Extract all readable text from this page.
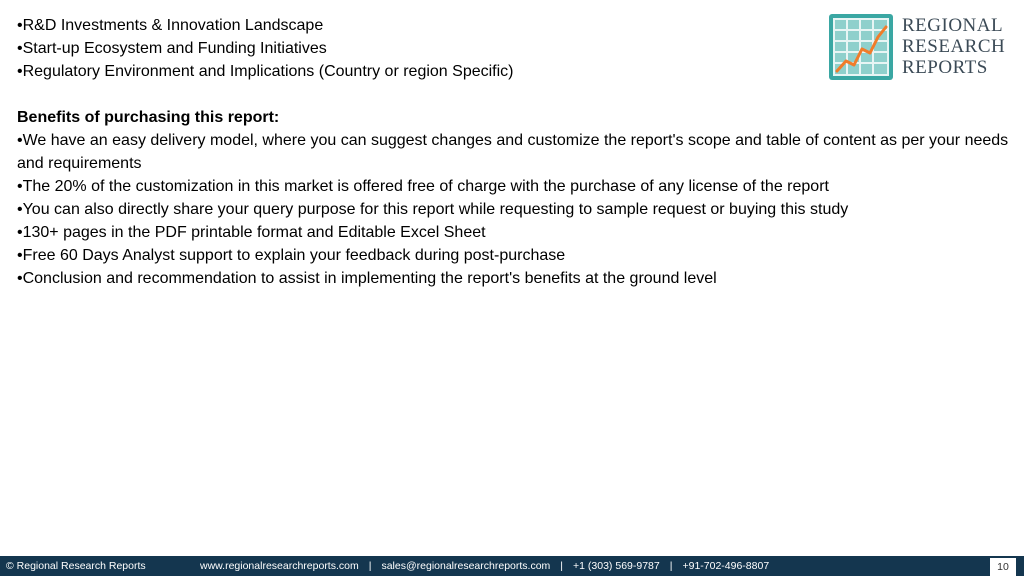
•R&D Investments & Innovation Landscape

•Start-up Ecosystem and Funding Initiatives

•Regulatory Environment and Implications (Country or region Specific)

Benefits of purchasing this report:

•We have an easy delivery model, where you can suggest changes and customize the report's scope and table of content as per your needs and requirements

•The 20% of the customization in this market is offered free of charge with the purchase of any license of the report

•You can also directly share your query purpose for this report while requesting to sample request or buying this study

•130+ pages in the PDF printable format and Editable Excel Sheet

•Free 60 Days Analyst support to explain your feedback during post-purchase

•Conclusion and recommendation to assist in implementing the report's benefits at the ground level

REGIONAL
RESEARCH
REPORTS
© Regional Research Reports	www.regionalresearchreports.com | sales@regionalresearchreports.com | +1 (303) 569-9787 | +91-702-496-8807	10
